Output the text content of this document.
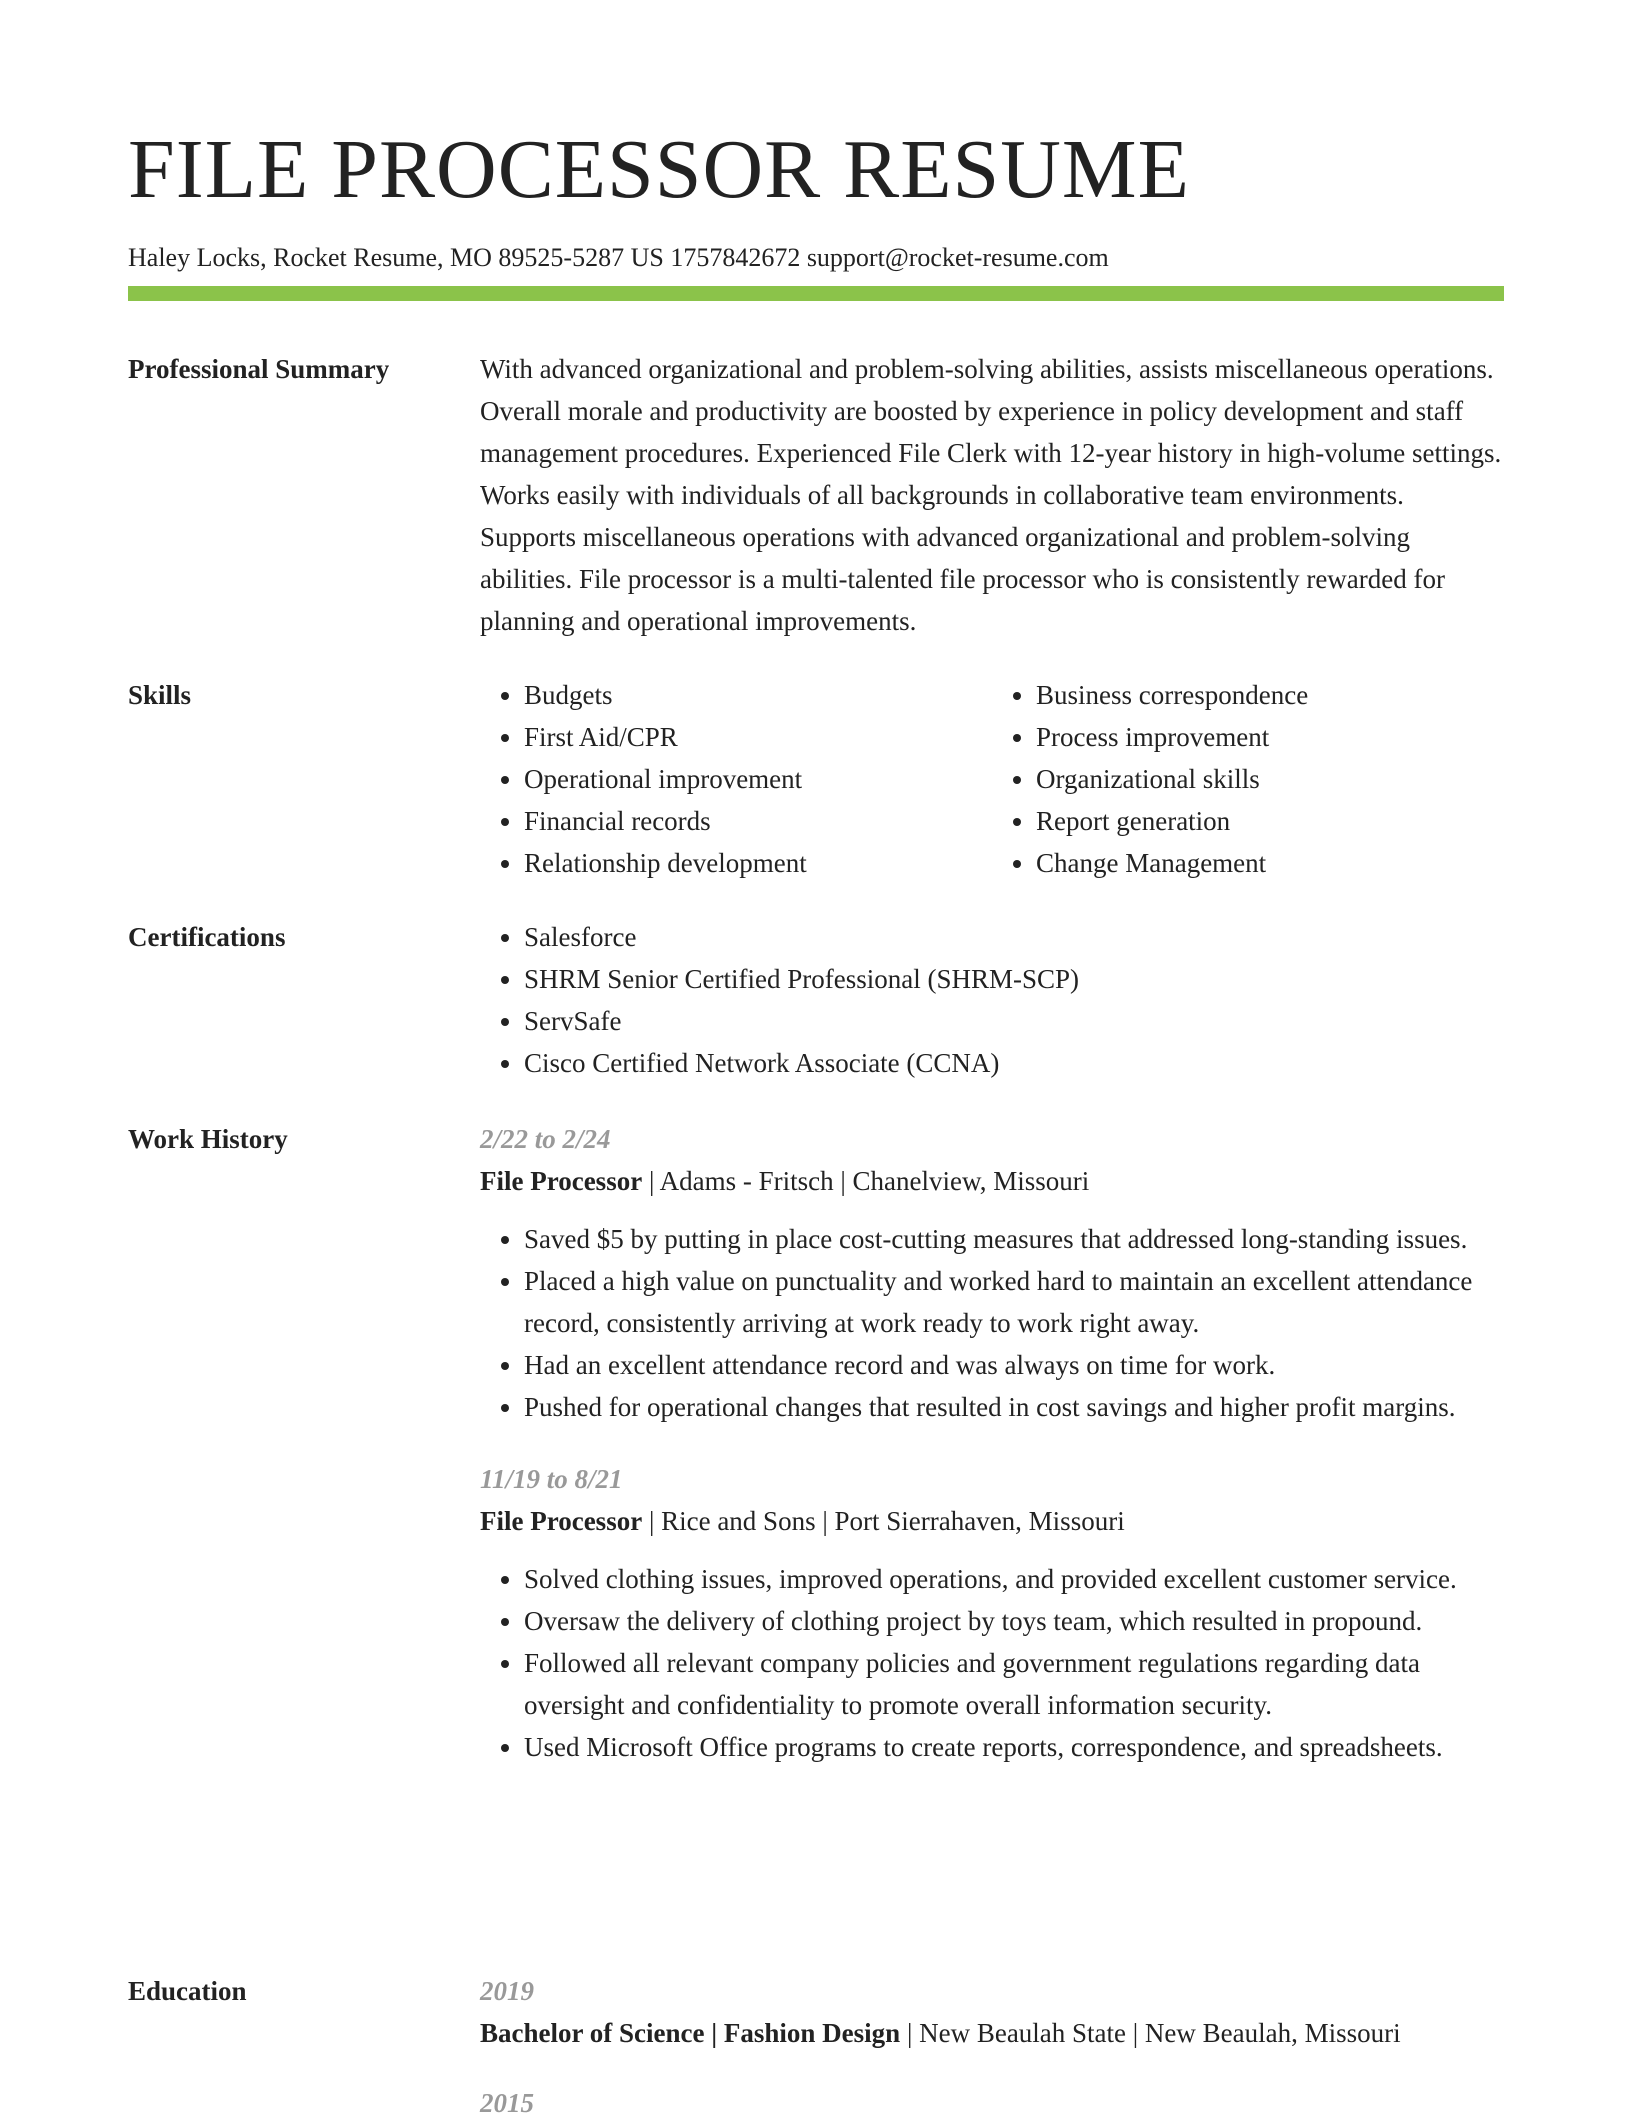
FILE PROCESSOR RESUME
Haley Locks, Rocket Resume, MO 89525-5287 US 1757842672 support@rocket-resume.com
Professional Summary	With advanced organizational and problem-solving abilities, assists miscellaneous operations. Overall morale and productivity are boosted by experience in policy development and staff management procedures. Experienced File Clerk with 12-year history in high-volume settings. Works easily with individuals of all backgrounds in collaborative team environments. Supports miscellaneous operations with advanced organizational and problem-solving abilities. File processor is a multi-talented file processor who is consistently rewarded for planning and operational improvements.

Skills	• Budgets
• First Aid/CPR
• Operational improvement
• Financial records
• Relationship development
• Business correspondence
• Process improvement
• Organizational skills
• Report generation
• Change Management
Certifications	• Salesforce
• SHRM Senior Certified Professional (SHRM-SCP)
• ServSafe
• Cisco Certified Network Associate (CCNA)
Work History	2/22 to 2/24
File Processor | Adams - Fritsch | Chanelview, Missouri
• Saved $5 by putting in place cost-cutting measures that addressed long-standing issues.
• Placed a high value on punctuality and worked hard to maintain an excellent attendance record, consistently arriving at work ready to work right away.
• Had an excellent attendance record and was always on time for work.
• Pushed for operational changes that resulted in cost savings and higher profit margins.
11/19 to 8/21
File Processor | Rice and Sons | Port Sierrahaven, Missouri
• Solved clothing issues, improved operations, and provided excellent customer service.
• Oversaw the delivery of clothing project by toys team, which resulted in propound.
• Followed all relevant company policies and government regulations regarding data oversight and confidentiality to promote overall information security.
• Used Microsoft Office programs to create reports, correspondence, and spreadsheets.
Education	2019
Bachelor of Science | Fashion Design | New Beaulah State | New Beaulah, Missouri
2015
